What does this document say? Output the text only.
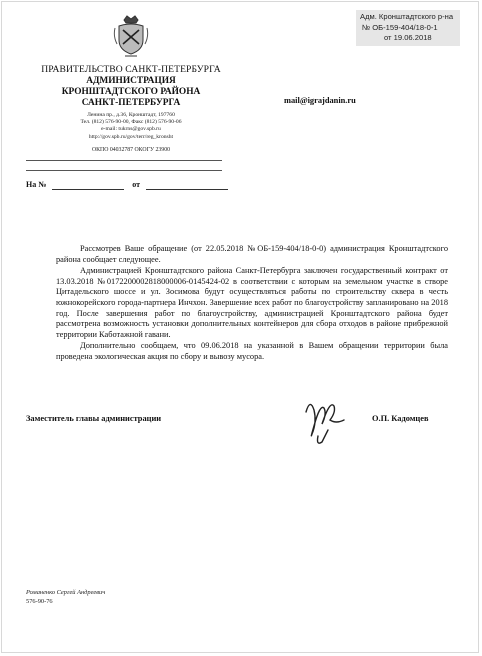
Адм. Кронштадтского р-на
№ ОБ-159-404/18-0-1
от 19.06.2018
ПРАВИТЕЛЬСТВО САНКТ-ПЕТЕРБУРГА
АДМИНИСТРАЦИЯ
КРОНШТАДТСКОГО РАЙОНА
САНКТ-ПЕТЕРБУРГА
Ленина пр., д.36, Кронштадт, 197760
Тел. (812) 576-90-00, Факс (812) 576-90-06
e-mail: tukrns@gov.spb.ru
http://gov.spb.ru/gov/terr/reg_kronsht
ОКПО 04032787 ОКОГУ 23900
На №	от
mail@igrajdanin.ru

Рассмотрев Ваше обращение (от 22.05.2018 №ОБ-159-404/18-0-0) администрация Кронштадтского района сообщает следующее.

Администрацией Кронштадтского района Санкт-Петербурга заключен государственный контракт от 13.03.2018 №0172200002818000006-0145424-02 в соответствии с которым на земельном участке в створе Цитадельского шоссе и ул. Зосимова будут осуществляться работы по строительству сквера в честь южнокорейского города-партнера Инчхон. Завершение всех работ по благоустройству запланировано на 2018 год. После завершения работ по благоустройству, администрацией Кронштадтского района будет рассмотрена возможность установки дополнительных контейнеров для сбора отходов в районе прибрежной территории Каботажной гавани.

Дополнительно сообщаем, что 09.06.2018 на указанной в Вашем обращении территории была проведена экологическая акция по сбору и вывозу мусора.

Заместитель главы администрации	О.П. Кадомцев
Романенко Сергей Андреевич
576-90-76
